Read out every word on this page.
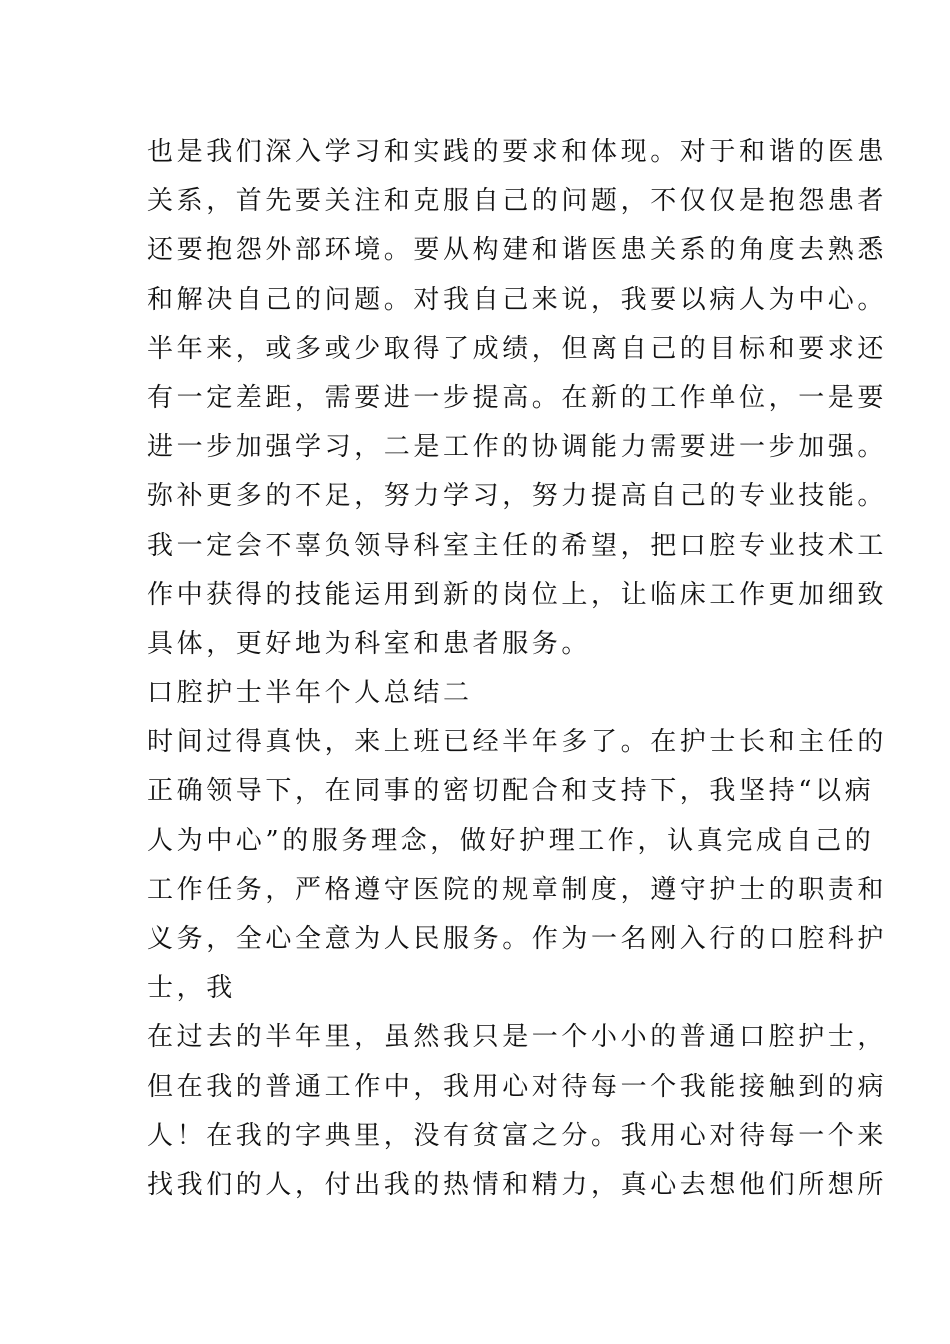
也是我们深入学习和实践的要求和体现。对于和谐的医患
关系，首先要关注和克服自己的问题，不仅仅是抱怨患者
还要抱怨外部环境。要从构建和谐医患关系的角度去熟悉
和解决自己的问题。对我自己来说，我要以病人为中心。
半年来，或多或少取得了成绩，但离自己的目标和要求还
有一定差距，需要进一步提高。在新的工作单位，一是要
进一步加强学习，二是工作的协调能力需要进一步加强。
弥补更多的不足，努力学习，努力提高自己的专业技能。
我一定会不辜负领导科室主任的希望，把口腔专业技术工
作中获得的技能运用到新的岗位上，让临床工作更加细致
具体，更好地为科室和患者服务。
口腔护士半年个人总结二
时间过得真快，来上班已经半年多了。在护士长和主任的
正确领导下，在同事的密切配合和支持下，我坚持“以病
人为中心”的服务理念，做好护理工作，认真完成自己的
工作任务，严格遵守医院的规章制度，遵守护士的职责和
义务，全心全意为人民服务。作为一名刚入行的口腔科护
士，我
在过去的半年里，虽然我只是一个小小的普通口腔护士，
但在我的普通工作中，我用心对待每一个我能接触到的病
人！在我的字典里，没有贫富之分。我用心对待每一个来
找我们的人，付出我的热情和精力，真心去想他们所想所
